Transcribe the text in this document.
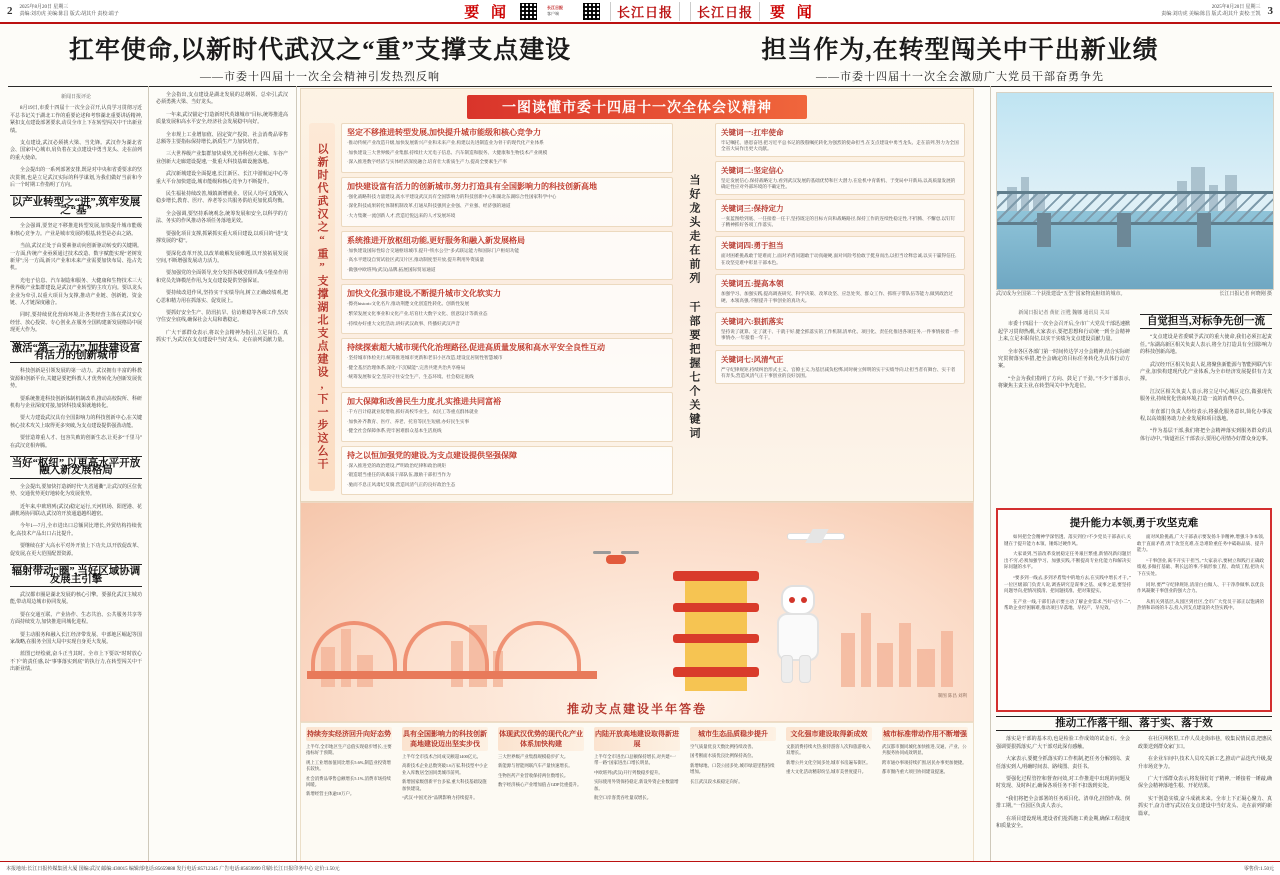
2	2025年8月20日 星期三
责编:刘功虎 美编:陈昌 版式:胡其升 责校:端子	要 闻	长江日报
客户端	长江日报	长江日报	要 闻	2025年8月20日 星期三
责编:刘功虎 美编:陈昌 版式:胡其升 责校:王凯 3
扛牢使命,以新时代武汉之“重”支撑支点建设
——市委十四届十一次全会精神引发热烈反响
担当作为,在转型闯关中干出新业绩
——市委十四届十一次全会激励广大党员干部奋勇争先
新闻日报评论

8月19日,市委十四届十一次全会召开,认真学习贯彻习近平总书记关于湖北工作的重要论述和考察湖北重要讲话精神,紧扣支点建设部署要求,动员全市上下在转型闯关中干出新业绩。

支点建设,武汉必须挑大梁、当先锋。武汉作为湖北省会、国家中心城市,肩负着在支点建设中勇当龙头、走在前列的重大使命。

全会提出的一系列部署安排,既是对中央和省委要求的坚决贯彻,也是立足武汉实际的科学谋划,为我们做好当前和今后一个时期工作指明了方向。

以产业转型之“进”,筑牢发展之“基”

全会强调,要坚定不移推进转型发展,加快提升城市能级和核心竞争力。产业是城市发展的根基,转型是必由之路。

当前,武汉正处于由要素驱动向创新驱动转变的关键期。一方面,传统产业亟须通过技术改造、数字赋能实现“老树发新芽”;另一方面,新兴产业和未来产业需要加快布局、抢占先机。

光电子信息、汽车制造和服务、大健康和生物技术三大世界级产业集群建设,是武汉产业转型的主攻方向。要以龙头企业为牵引,以重大项目为支撑,推动产业链、创新链、资金链、人才链深度融合。

同时,要持续优化营商环境,让各类经营主体在武汉安心经营、放心投资、专心创业,在服务全国构建新发展格局中展现更大作为。

激活“第一动力”,加快建设富有活力的创新城市

科技创新是引领发展的第一动力。武汉拥有丰富的科教资源和创新平台,关键是要把科教人才优势转化为创新发展优势。

要系统推进科技创新体制机制改革,推动高校院所、科研机构与企业深度对接,加快科技成果就地转化。

要大力建设武汉具有全国影响力的科技创新中心,在关键核心技术攻关上取得更多突破,为支点建设提供强劲动能。

要营造尊重人才、包容失败的创新生态,让更多“千里马”在武汉竞相奔腾。

当好“枢纽”,以更高水平开放融入新发展格局

全会提出,要加快打造新时代“九省通衢”,让武汉的区位优势、交通优势更好地转化为发展优势。

近年来,中欧班列(武汉)稳定运行,天河机场、阳逻港、花湖机场协同联动,武汉的开放通道越织越密。

今年1—7月,全市进出口总额同比增长,外贸结构持续优化,高技术产品出口占比提升。

要继续在扩大高水平对外开放上下功夫,以开放促改革、促发展,在更大范围配置资源。

辐射带动“圈”,当好区域协调发展主引擎

武汉都市圈是湖北发展的核心引擎。要强化武汉主城功能,带动周边城市协同发展。

要在交通互联、产业协作、生态共治、公共服务共享等方面持续发力,加快推进同城化进程。

要主动服务和融入长江经济带发展、中部地区崛起等国家战略,在服务全国大局中实现自身更大发展。

蓝图已经绘就,奋斗正当其时。全市上下要以“时时放心不下”的责任感,以“事事落实到底”的执行力,在转型闯关中干出新业绩。

全会指出,支点建设是湖北发展的总纲领、总牵引,武汉必须勇挑大梁、当好龙头。

一年来,武汉锚定“打造新时代英雄城市”目标,统筹推进高质量发展和高水平安全,经济社会发展稳中向好。

全市规上工业增加值、固定资产投资、社会消费品零售总额等主要指标保持增长,新质生产力加快培育。

三大世界级产业集群加快成势,光谷科创大走廊、车谷产业创新大走廊建设提速,一批重大科技基础设施落地。

武汉新城建设全面提速,长江新区、长江中游航运中心等重大平台加快建设,城市能级和核心竞争力不断提升。

民生福祉持续改善,城镇新增就业、居民人均可支配收入稳步增长,教育、医疗、养老等公共服务供给更加优质均衡。

全会强调,要坚持系统观念,统筹发展和安全,以科学的方法、务实的作风推动各项任务落地见效。

要强化项目支撑,抓紧抓实重大项目建设,以项目的“进”支撑发展的“稳”。

要深化改革开放,以改革破解发展难题,以开放拓展发展空间,不断增强发展动力活力。

要加强党的全面领导,充分发挥各级党组织战斗堡垒作用和党员先锋模范作用,为支点建设提供坚强保证。

要持续改进作风,坚持实干实绩导向,树立正确政绩观,把心思和精力用在抓落实、促发展上。

要抓好安全生产、防汛抗旱、信访维稳等各项工作,坚决守住安全底线,确保社会大局和谐稳定。

广大干部群众表示,将以全会精神为指引,立足岗位、真抓实干,为武汉在支点建设中当好龙头、走在前列贡献力量。

一图读懂市委十四届十一次全体会议精神
以新时代武汉之“重”支撑湖北支点建设,下一步这么干
坚定不移推进转型发展,加快提升城市能级和核心竞争力
·推动传统产业改造升级,加快发展新兴产业和未来产业,构建以先进制造业为骨干的现代化产业体系
·加快建设三大世界级产业集群,持续壮大光电子信息、汽车制造和服务、大健康和生物技术产业规模
·深入推进数字经济与实体经济深度融合,培育壮大新质生产力,提高全要素生产率
加快建设富有活力的创新城市,努力打造具有全国影响力的科技创新高地
·强化战略科技力量建设,高水平建设武汉具有全国影响力的科技创新中心和湖北东湖综合性国家科学中心
·深化科技成果转化体制机制改革,打通从科技强到企业强、产业强、经济强的通道
·大力集聚一流创新人才,营造近悦远来的人才发展环境
系统推进开放枢纽功能,更好服务和融入新发展格局
·加快建设国际性综合交通枢纽城市,提升“铁水公空”多式联运能力和国际门户枢纽功能
·高水平建设自贸试验区武汉片区,推动制度型开放,提升利用外资质量
·做强中欧班列(武汉)品牌,拓展国际贸易通道
加快文化强市建设,不断提升城市文化软实力
·擦亮historic文化名片,推动荆楚文化创造性转化、创新性发展
·繁荣发展文化事业和文化产业,培育壮大数字文化、创意设计等新业态
·持续办好重大文化活动,讲好武汉故事、传播好武汉声音
持续探索超大城市现代化治理路径,促进高质量发展和高水平安全良性互动
·坚持城市体检先行,统筹推进城市更新和老旧小区改造,建设宜居韧性智慧城市
·健全基层治理体系,深化“下沉赋能”,完善共建共治共享格局
·统筹发展和安全,坚决守住安全生产、生态环境、社会稳定底线
加大保障和改善民生力度,扎实推进共同富裕
·千方百计稳就业促增收,抓好高校毕业生、农民工等重点群体就业
·加快补齐教育、医疗、养老、托育等民生短板,办好民生实事
·健全社会保障体系,兜牢困难群众基本生活底线
持之以恒加强党的建设,为支点建设提供坚强保障
·深入推进党的政治建设,严明政治纪律和政治规矩
·锻造堪当重任的高素质干部队伍,激励干部担当作为
·驰而不息正风肃纪反腐,营造风清气正的良好政治生态
当好龙头走在前列 干部要把握七个关键词
关键词一:扛牢使命
牢记嘱托、感恩奋进,把习近平总书记的殷殷嘱托转化为强烈的使命担当,在支点建设中勇当龙头、走在前列,努力为全国全省大局作出更大贡献。
关键词二:坚定信心
坚定发展信心,保持战略定力,看到武汉发展的基础优势和巨大潜力,在危机中育新机、于变局中开新局,以高质量发展的确定性应对外部环境的不确定性。
关键词三:保持定力
一张蓝图绘到底、一任接着一任干,坚持既定的目标方向和战略路径,保持工作的连续性稳定性,不折腾、不懈怠,以钉钉子精神抓好各项工作落实。
关键词四:勇于担当
面对困难挑战敢于迎难而上,面对矛盾问题敢于动真碰硬,面对风险考验敢于挺身而出,以担当诠释忠诚,以实干赢得信任,在攻坚克难中彰显干部本色。
关键词五:提高本领
加强学习、加强实践,提高调查研究、科学决策、改革攻坚、应急处突、群众工作、抓班子带队伍等能力,做到政治过硬、本领高强,不断提升干事创业的真功夫。
关键词六:狠抓落实
坚持说了就算、定了就干、干就干好,健全抓落实的工作机制,清单化、项目化、责任化推进各项任务,一件事情接着一件事情办,一年接着一年干。
关键词七:风清气正
严守纪律规矩,持续纠治形式主义、官僚主义,为基层减负松绑,同时树立鲜明的实干实绩导向,让担当者有舞台、实干者有奔头,营造风清气正干事创业的良好氛围。
制图 陈昌 刘利
推动支点建设半年答卷
持续夯实经济回升向好态势
上半年,全市地区生产总值实现稳步增长,主要指标好于预期。
规上工业增加值同比增长5.6%,制造业投资增长较快。
社会消费品零售总额增长5.1%,消费市场持续回暖。
新增经营主体逾10万户。
具有全国影响力的科技创新高地建设迈出坚实步伐
上半年全市技术合同成交额超1400亿元。
高新技术企业总数突破1.6万家,科技型中小企业入库数居全国同类城市前列。
新增国家级创新平台多家,重大科技基础设施加快建设。
“武汉·中国光谷”品牌影响力持续提升。
体现武汉优势的现代化产业体系加快构建
三大世界级产业集群规模稳步扩大。
新能源与智能网联汽车产量快速增长。
生物医药产业营收保持两位数增长。
数字经济核心产业增加值占GDP比重提升。
内陆开放高地建设取得新进展
上半年全市进出口总额保持增长,对共建“一带一路”国家进出口增长明显。
中欧班列(武汉)开行列数稳步提升。
实际使用外资保持稳定,新设外资企业数量增加。
航空口岸客货吞吐量双增长。
城市生态品质稳步提升
空气质量优良天数比例持续改善。
国考断面水质优良比例保持高位。
新增绿地、口袋公园多处,城市绿道里程持续增加。
长江武汉段水质稳定向好。
文化强市建设取得新成效
文旅消费持续火热,接待游客人次和旅游收入双增长。
新增公共文化空间多处,城市书房遍布街区。
重大文化活动精彩纷呈,城市美誉度提升。
城市标准带动作用不断增强
武汉都市圈同城化加快推进,交通、产业、公共服务协同成效明显。
跨市通办事项持续扩围,居民办事更加便捷。
都市圈内重大项目协同建设提速。
武汉成为全国第二个获批建设“五型”国家物流枢纽的城市。	长江日报记者 何晓刚 摄
新闻日报记者 黄征 汪甦 魏娜 通讯员 关耳

市委十四届十一次全会召开后,全市广大党员干部迅速掀起学习贯彻热潮,大家表示,要把思想和行动统一到全会精神上来,立足本职岗位,以实干实绩为支点建设贡献力量。

全市各区各部门第一时间传达学习全会精神,结合实际研究贯彻落实举措,把全会确定的目标任务转化为具体行动方案。

“全会为我们指明了方向、鼓足了干劲。”不少干部表示,将聚焦主责主业,在转型闯关中争先进位。

自觉担当,对标争先创一流

“支点建设是省委赋予武汉的重大使命,我们必须扛起责任。”东湖高新区相关负责人表示,将全力打造具有全国影响力的科技创新高地。

武汉经开区相关负责人说,将聚焦新能源与智能网联汽车产业,加快构建现代化产业体系,为全市经济发展提供有力支撑。

江汉区相关负责人表示,将立足中心城区定位,做强现代服务业,持续优化营商环境,打造一流的消费中心。

市直部门负责人纷纷表示,将强化服务意识,简化办事流程,以高效服务助力企业发展和项目落地。

“作为基层干部,我们将把全会精神落实到服务群众的具体行动中。”街道社区干部表示,要用心用情办好群众身边事。

提升能力本领,勇于攻坚克难

如何把全会精神学深悟透、落实到位?不少党员干部表示,关键在于提升能力本领、锤炼过硬作风。

大家谈到,当前改革发展稳定任务艰巨繁重,新情况新问题层出不穷,必须加强学习、加强实践,不断提高专业化能力和解决实际问题的水平。

“要多到一线去,多到矛盾集中的地方去,在实践中增长才干。”一位区级部门负责人说,调查研究是谋事之基、成事之道,要坚持问题导向,把情况摸清、把问题找准、把对策提实。

在产业一线,干部们表示要主动了解企业需求,当好“店小二”,帮助企业纾困解难,推动项目早落地、早投产、早见效。

面对风险挑战,广大干部表示要发扬斗争精神,增强斗争本领,敢于直面矛盾,勇于攻坚克难,在急难险重任务中砥砺品质、提升能力。

“干事创业,离不开实干担当。”大家表示,要树立和践行正确政绩观,多做打基础、利长远的事,不搞形象工程、政绩工程,把功夫下在实处。

同时,要严守纪律规矩,清清白白做人、干干净净做事,以优良作风凝聚干事创业的强大合力。

从机关到基层,从园区到社区,全市广大党员干部正以饱满的热情和昂扬的斗志,投入到支点建设的火热实践中。

推动工作落干细、落于实、落于效

落实是干部的基本功,也是检验工作成效的试金石。全会强调要狠抓落实,广大干部对此深有感触。

大家表示,要健全抓落实的工作机制,把任务分解到岗、责任落实到人,明确时间表、路线图、责任书。

要强化过程管控和督查问效,对工作推进中出现的问题及时发现、及时纠正,确保各项任务不折不扣落到实处。

“我们将把全会部署的任务项目化、清单化,挂图作战、倒排工期。”一位园区负责人表示。

在项目建设现场,建设者们抢抓施工黄金期,确保工程进度和质量安全。

在社区网格里,工作人员走街串巷，收集民情民意,把惠民政策送到群众家门口。

在企业车间中,技术人员攻关新工艺,推动产品迭代升级,提升市场竞争力。

广大干部群众表示,将发扬钉钉子精神,一锤接着一锤敲,确保全会精神落地生根、开花结果。

实干创造实绩,奋斗成就未来。全市上下正凝心聚力、真抓实干,奋力谱写武汉在支点建设中当好龙头、走在前列的新篇章。

本报地址:长江日报传媒集团大厦 国编:武汉 邮编:430015 编辑部电话:85659888 发行电话:85712345 广告电话:85659999 印刷:长江日报印务中心 定价:1.50元	零售价:1.50元
